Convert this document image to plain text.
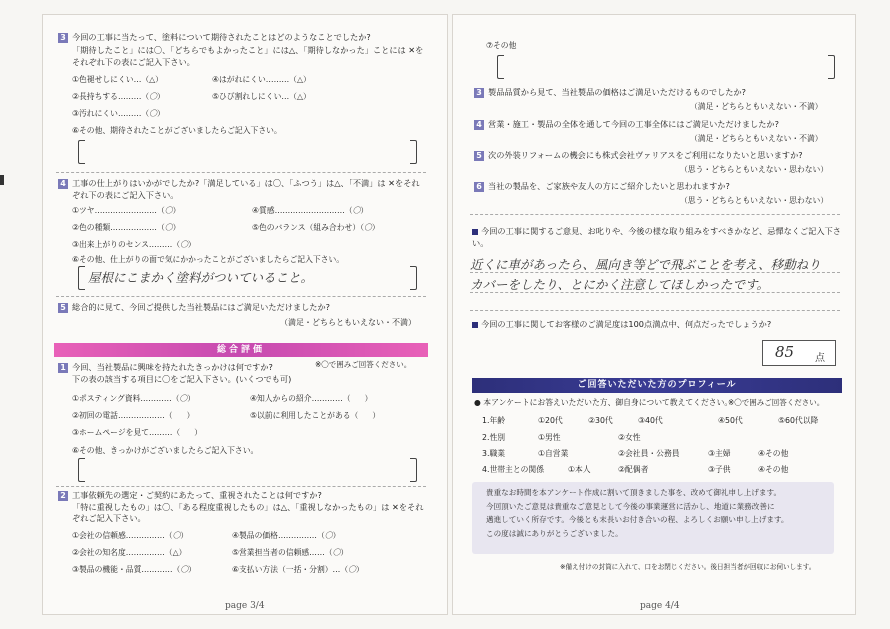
3 今回の工事に当たって、塗料について期待されたことはどのようなことでしたか?
「期待したこと」には〇、「どちらでもよかったこと」には△、「期待しなかった」ことには ✕を
それぞれ下の表にご記入下さい。
①色褪せしにくい…（△）	④はがれにくい………（△）
②長持ちする………（〇）	⑤ひび割れしにくい…（△）
③汚れにくい………（〇）
⑥その他、期待されたことがございましたらご記入下さい。
4 工事の仕上がりはいかがでしたか?「満足している」は〇、「ふつう」は△、「不満」は ✕をそれ
ぞれ下の表にご記入下さい。
①ツヤ……………………（〇）	④質感………………………（〇）
②色の種類………………（〇）	⑤色のバランス（組み合わせ）（〇）
③出来上がりのセンス………（〇）
⑥その他、仕上がりの面で気にかかったことがございましたらご記入下さい。
屋根にこまかく塗料がついていること。
5 総合的に見て、今回ご提供した当社製品にはご満足いただけましたか?
（満足・どちらともいえない・不満）
総合評価
1	※〇で囲みご回答ください。
今回、当社製品に興味を持たれたきっかけは何ですか?
下の表の該当する項目に〇をご記入下さい。(いくつでも可)
①ポスティング資料…………（〇）	④知人からの紹介…………（ ）
②初回の電話………………（ ）	⑤以前に利用したことがある（ ）
③ホームページを見て………（ ）
⑥その他、きっかけがございましたらご記入下さい。
2 工事依頼先の選定・ご契約にあたって、重視されたことは何ですか?
「特に重視したもの」は〇、「ある程度重視したもの」は△、「重視しなかったもの」は ✕をそれ
ぞれご記入下さい。
①会社の信頼感……………（〇）	④製品の価格……………（〇）
②会社の知名度……………（△）	⑤営業担当者の信頼感……（〇）
③製品の機能・品質…………（〇）	⑥支払い方法（一括・分割）…（〇）
page 3/4
⑦その他
3 製品品質から見て、当社製品の価格はご満足いただけるものでしたか?
（満足・どちらともいえない・不満）
4 営業・施工・製品の全体を通して今回の工事全体にはご満足いただけましたか?
（満足・どちらともいえない・不満）
5 次の外装リフォームの機会にも株式会社ヴァリアスをご利用になりたいと思いますか?
（思う・どちらともいえない・思わない）
6 当社の製品を、ご家族や友人の方にご紹介したいと思われますか?
（思う・どちらともいえない・思わない）
今回の工事に関するご意見、お叱りや、今後の様な取り組みをすべきかなど、忌憚なくご記入下さい。
近くに車があったら、風向き等どで飛ぶことを考え、移動ねり
カバーをしたり、とにかく注意してほしかったです。
今回の工事に関してお客様のご満足度は100点満点中、何点だったでしょうか?
85 点
ご回答いただいた方のプロフィール
● 本アンケートにお答えいただいた方、御自身について教えてください。
※〇で囲みご回答ください。
1.年齢	①20代	②30代	③40代	④50代	⑤60代以降
2.性別	①男性	②女性
3.職業	①自営業	②会社員・公務員	③主婦	④その他
4.世帯主との関係	①本人	②配偶者	③子供	④その他
貴重なお時間を本アンケート作成に割いて頂きました事を、改めて御礼申し上げます。
今回頂いたご意見は貴重なご意見として今後の事業運営に活かし、地道に業務改善に
邁進していく所存です。今後とも末長いお付き合いの程、よろしくお願い申し上げます。
この度は誠にありがとうございました。
※備え付けの封筒に入れて、口をお閉じください。後日担当者が回収にお伺いします。
page 4/4
